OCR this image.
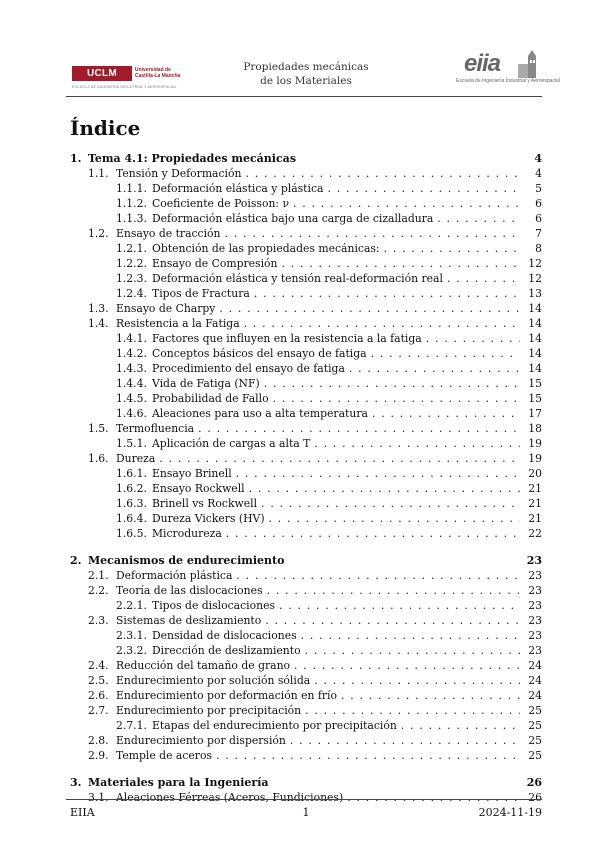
UCLM	Universidad de Castilla-La Mancha
ESCUELA DE INGENIERÍA INDUSTRIAL Y AEROESPACIAL
Propiedades mecánicas
de los Materiales
eiia
Escuela de Ingeniería Industrial y Aeroespacial
Índice
1. Tema 4.1: Propiedades mecánicas	4
1.1. Tensión y Deformación . . .	4
1.1.1. Deformación elástica y plástica . . .	5
1.1.2. Coeficiente de Poisson: ν . . .	6
1.1.3. Deformación elástica bajo una carga de cizalladura . . .	6
1.2. Ensayo de tracción . . .	7
1.2.1. Obtención de las propiedades mecánicas: . . .	8
1.2.2. Ensayo de Compresión . . .	12
1.2.3. Deformación elástica y tensión real-deformación real . . .	12
1.2.4. Tipos de Fractura . . .	13
1.3. Ensayo de Charpy . . .	14
1.4. Resistencia a la Fatiga . . .	14
1.4.1. Factores que influyen en la resistencia a la fatiga . . .	14
1.4.2. Conceptos básicos del ensayo de fatiga . . .	14
1.4.3. Procedimiento del ensayo de fatiga . . .	14
1.4.4. Vida de Fatiga (NF) . . .	15
1.4.5. Probabilidad de Fallo . . .	15
1.4.6. Aleaciones para uso a alta temperatura . . .	17
1.5. Termofluencia . . .	18
1.5.1. Aplicación de cargas a alta T . . .	19
1.6. Dureza . . .	19
1.6.1. Ensayo Brinell . . .	20
1.6.2. Ensayo Rockwell . . .	21
1.6.3. Brinell vs Rockwell . . .	21
1.6.4. Dureza Vickers (HV) . . .	21
1.6.5. Microdureza . . .	22
2. Mecanismos de endurecimiento	23
2.1. Deformación plástica . . .	23
2.2. Teoría de las dislocaciones . . .	23
2.2.1. Tipos de dislocaciones . . .	23
2.3. Sistemas de deslizamiento . . .	23
2.3.1. Densidad de dislocaciones . . .	23
2.3.2. Dirección de deslizamiento . . .	23
2.4. Reducción del tamaño de grano . . .	24
2.5. Endurecimiento por solución sólida . . .	24
2.6. Endurecimiento por deformación en frío . . .	24
2.7. Endurecimiento por precipitación . . .	25
2.7.1. Etapas del endurecimiento por precipitación . . .	25
2.8. Endurecimiento por dispersión . . .	25
2.9. Temple de aceros . . .	25
3. Materiales para la Ingeniería	26
3.1. Aleaciones Férreas (Aceros, Fundiciones) . . .	26
EIIA	1	2024-11-19
